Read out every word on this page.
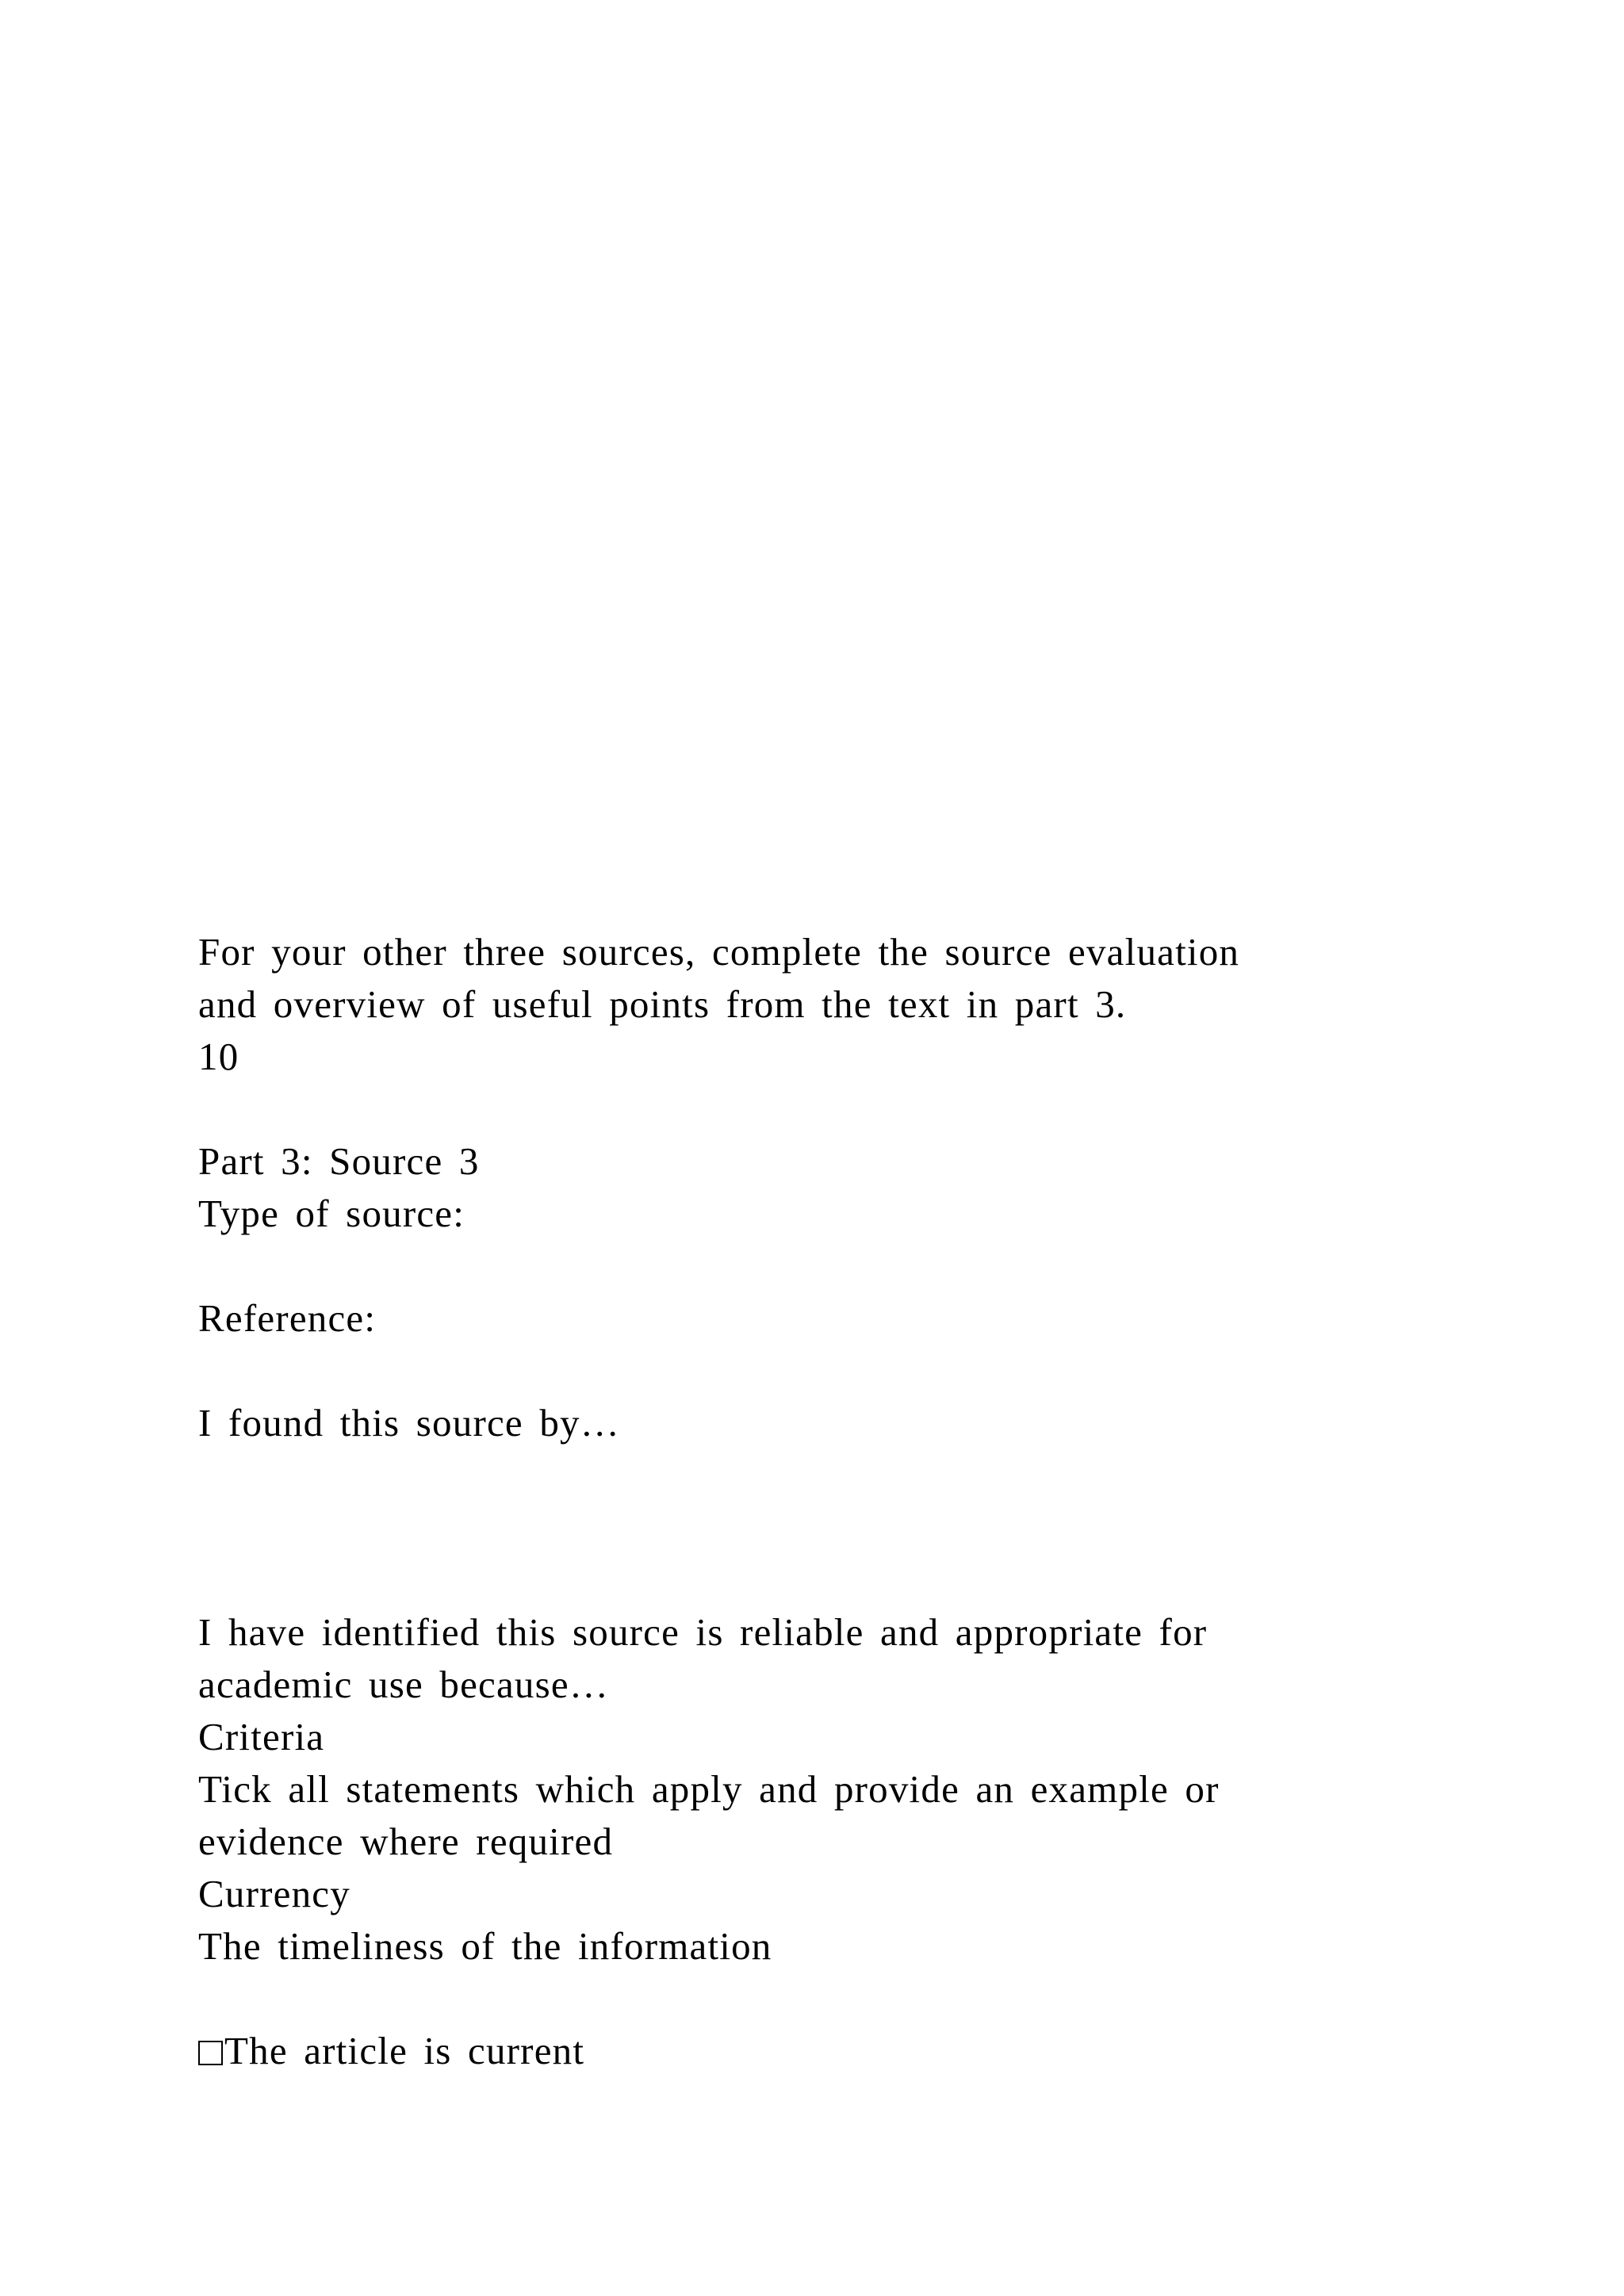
For your other three sources, complete the source evaluation
and overview of useful points from the text in part 3.
10
Part 3: Source 3
Type of source:
Reference:
I found this source by…
I have identified this source is reliable and appropriate for
academic use because…
Criteria
Tick all statements which apply and provide an example or
evidence where required
Currency
The timeliness of the information
The article is current
